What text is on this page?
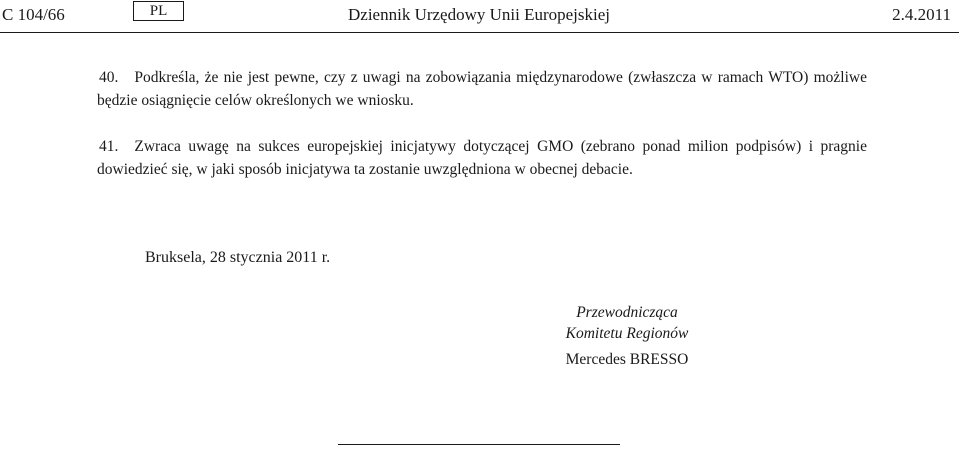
C 104/66	PL	Dziennik Urzędowy Unii Europejskiej	2.4.2011
40. Podkreśla, że nie jest pewne, czy z uwagi na zobowiązania międzynarodowe (zwłaszcza w ramach WTO) możliwe będzie osiągnięcie celów określonych we wniosku.
41. Zwraca uwagę na sukces europejskiej inicjatywy dotyczącej GMO (zebrano ponad milion podpisów) i pragnie dowiedzieć się, w jaki sposób inicjatywa ta zostanie uwzględniona w obecnej debacie.
Bruksela, 28 stycznia 2011 r.
Przewodnicząca
Komitetu Regionów
Mercedes BRESSO
